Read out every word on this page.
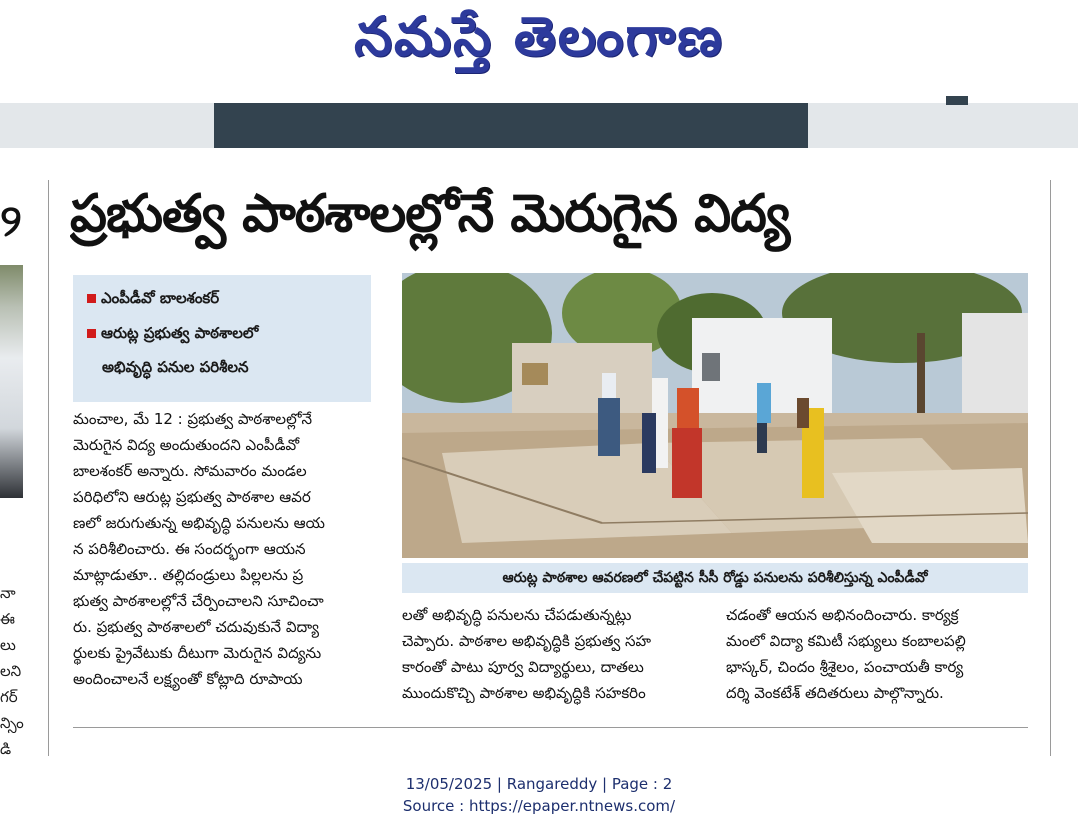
నమస్తే తెలంగాణ
୨
నా
ఈ
లు
లని
గర్
న్సిం
డి
ప్రభుత్వ పాఠశాలల్లోనే మెరుగైన విద్య
ఎంపీడీవో బాలశంకర్
ఆరుట్ల ప్రభుత్వ పాఠశాలలో
అభివృద్ధి పనుల పరిశీలన
ఆరుట్ల పాఠశాల ఆవరణలో చేపట్టిన సీసీ రోడ్డు పనులను పరిశీలిస్తున్న ఎంపీడీవో
మంచాల, మే 12 : ప్రభుత్వ పాఠశాలల్లోనే
మెరుగైన విద్య అందుతుందని ఎంపీడీవో
బాలశంకర్ అన్నారు. సోమవారం మండల
పరిధిలోని ఆరుట్ల ప్రభుత్వ పాఠశాల ఆవర
ణలో జరుగుతున్న అభివృద్ధి పనులను ఆయ
న పరిశీలించారు. ఈ సందర్భంగా ఆయన
మాట్లాడుతూ.. తల్లిదండ్రులు పిల్లలను ప్ర
భుత్వ పాఠశాలల్లోనే చేర్పించాలని సూచించా
రు. ప్రభుత్వ పాఠశాలలో చదువుకునే విద్యా
ర్థులకు ప్రైవేటుకు దీటుగా మెరుగైన విద్యను
అందించాలనే లక్ష్యంతో కోట్లాది రూపాయ
లతో అభివృద్ధి పనులను చేపడుతున్నట్లు
చెప్పారు. పాఠశాల అభివృద్ధికి ప్రభుత్వ సహ
కారంతో పాటు పూర్వ విద్యార్థులు, దాతలు
ముందుకొచ్చి పాఠశాల అభివృద్ధికి సహకరిం
చడంతో ఆయన అభినందించారు. కార్యక్ర
మంలో విద్యా కమిటీ సభ్యులు కంబాలపల్లి
భాస్కర్, చిందం శ్రీశైలం, పంచాయతీ కార్య
దర్శి వెంకటేశ్ తదితరులు పాల్గొన్నారు.
13/05/2025 | Rangareddy | Page : 2
Source : https://epaper.ntnews.com/
